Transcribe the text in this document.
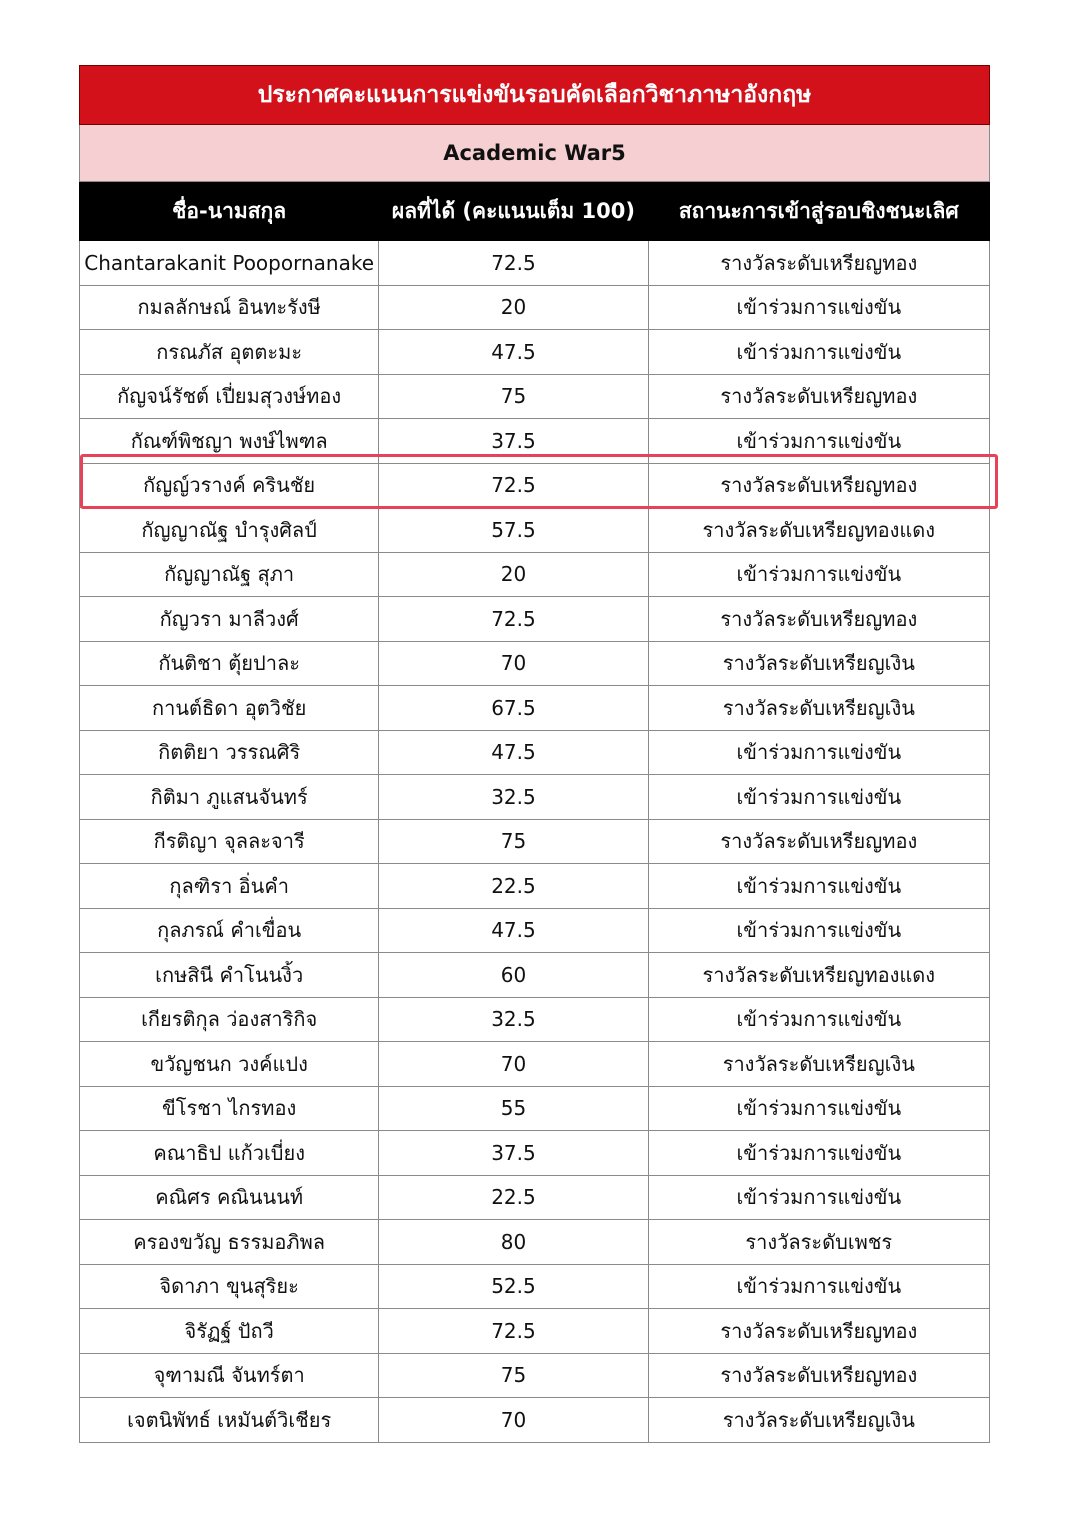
ประกาศคะแนนการแข่งขันรอบคัดเลือกวิชาภาษาอังกฤษ		
Academic War5		
ชื่อ-นามสกุล	ผลที่ได้ (คะแนนเต็ม 100)	สถานะการเข้าสู่รอบชิงชนะเลิศ
Chantarakanit Poopornanake	72.5	รางวัลระดับเหรียญทอง
กมลลักษณ์ อินทะรังษี	20	เข้าร่วมการแข่งขัน
กรณภัส อุตตะมะ	47.5	เข้าร่วมการแข่งขัน
กัญจน์รัชต์ เปี่ยมสุวงษ์ทอง	75	รางวัลระดับเหรียญทอง
กัณฑ์พิชญา พงษ์ไพฑล	37.5	เข้าร่วมการแข่งขัน
กัญญ์วรางค์ ครินชัย	72.5	รางวัลระดับเหรียญทอง
กัญญาณัฐ บำรุงศิลป์	57.5	รางวัลระดับเหรียญทองแดง
กัญญาณัฐ สุภา	20	เข้าร่วมการแข่งขัน
กัญวรา มาลีวงศ์	72.5	รางวัลระดับเหรียญทอง
กันติชา ตุ้ยปาละ	70	รางวัลระดับเหรียญเงิน
กานต์ธิดา อุตวิชัย	67.5	รางวัลระดับเหรียญเงิน
กิตติยา วรรณศิริ	47.5	เข้าร่วมการแข่งขัน
กิติมา ภูแสนจันทร์	32.5	เข้าร่วมการแข่งขัน
กีรติญา จุลละจารี	75	รางวัลระดับเหรียญทอง
กุลฑิรา อิ่นคำ	22.5	เข้าร่วมการแข่งขัน
กุลภรณ์ คำเขื่อน	47.5	เข้าร่วมการแข่งขัน
เกษสินี คำโนนงิ้ว	60	รางวัลระดับเหรียญทองแดง
เกียรติกุล ว่องสาริกิจ	32.5	เข้าร่วมการแข่งขัน
ขวัญชนก วงค์แปง	70	รางวัลระดับเหรียญเงิน
ขีโรชา ไกรทอง	55	เข้าร่วมการแข่งขัน
คณาธิป แก้วเบี่ยง	37.5	เข้าร่วมการแข่งขัน
คณิศร คณินนนท์	22.5	เข้าร่วมการแข่งขัน
ครองขวัญ ธรรมอภิพล	80	รางวัลระดับเพชร
จิดาภา ขุนสุริยะ	52.5	เข้าร่วมการแข่งขัน
จิรัฏฐ์ ปัถวี	72.5	รางวัลระดับเหรียญทอง
จุฑามณี จันทร์ตา	75	รางวัลระดับเหรียญทอง
เจตนิพัทธ์ เหมันต์วิเชียร	70	รางวัลระดับเหรียญเงิน
